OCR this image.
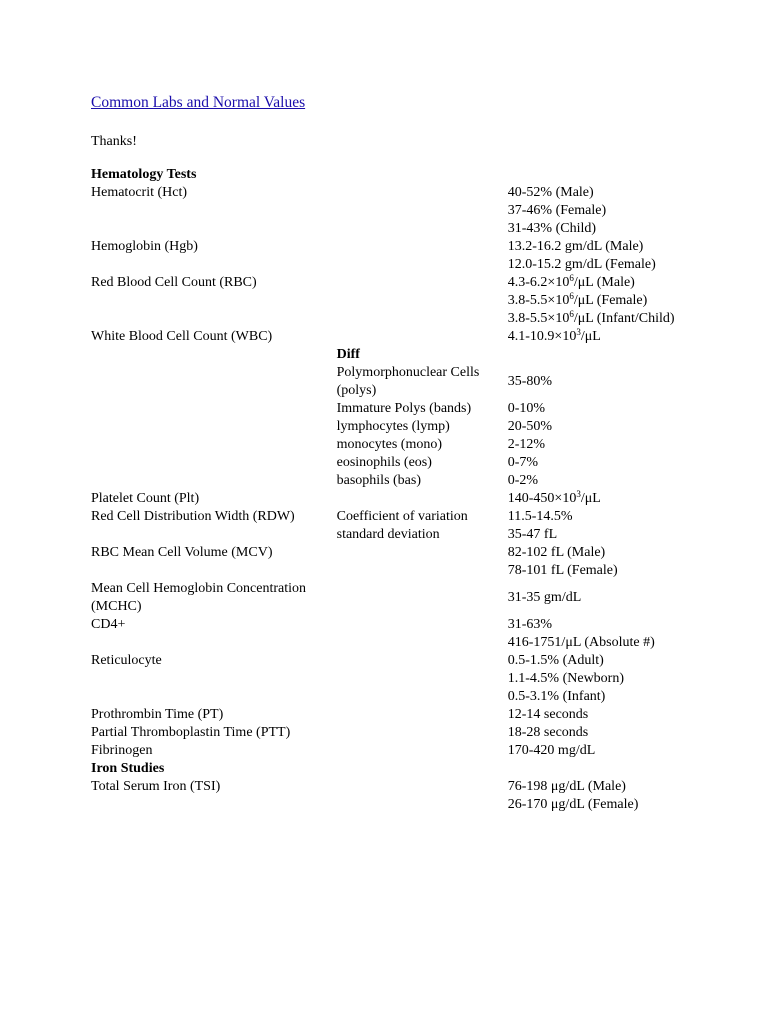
Common Labs and Normal Values
Thanks!
Hematology Tests		
Hematocrit (Hct)		40-52% (Male)
		37-46% (Female)
		31-43% (Child)
Hemoglobin (Hgb)		13.2-16.2 gm/dL (Male)
		12.0-15.2 gm/dL (Female)
Red Blood Cell Count (RBC)		$4.3-6.2\times 10^6/\mu L$ (Male)
		$3.8-5.5\times 10^6/\mu L$ (Female)
		$3.8-5.5\times 10^6/\mu L$ (Infant/Child)
White Blood Cell Count (WBC)		$4.1-10.9\times 10^3/\mu L$
	Diff	
	Polymorphonuclear Cells (polys)	35-80%
	Immature Polys (bands)	0-10%
	lymphocytes (lymp)	20-50%
	monocytes (mono)	2-12%
	eosinophils (eos)	0-7%
	basophils (bas)	0-2%
Platelet Count (Plt)		$140-450\times 10^3/\mu L$
Red Cell Distribution Width (RDW)	Coefficient of variation	11.5-14.5%
	standard deviation	35-47 fL
RBC Mean Cell Volume (MCV)		82-102 fL (Male)
		78-101 fL (Female)
Mean Cell Hemoglobin Concentration (MCHC)		31-35 gm/dL
CD4+		31-63%
		416-1751/μL (Absolute #)
Reticulocyte		0.5-1.5% (Adult)
		1.1-4.5% (Newborn)
		0.5-3.1% (Infant)
Prothrombin Time (PT)		12-14 seconds
Partial Thromboplastin Time (PTT)		18-28 seconds
Fibrinogen		170-420 mg/dL
Iron Studies		
Total Serum Iron (TSI)		76-198 μg/dL (Male)
		26-170 μg/dL (Female)
